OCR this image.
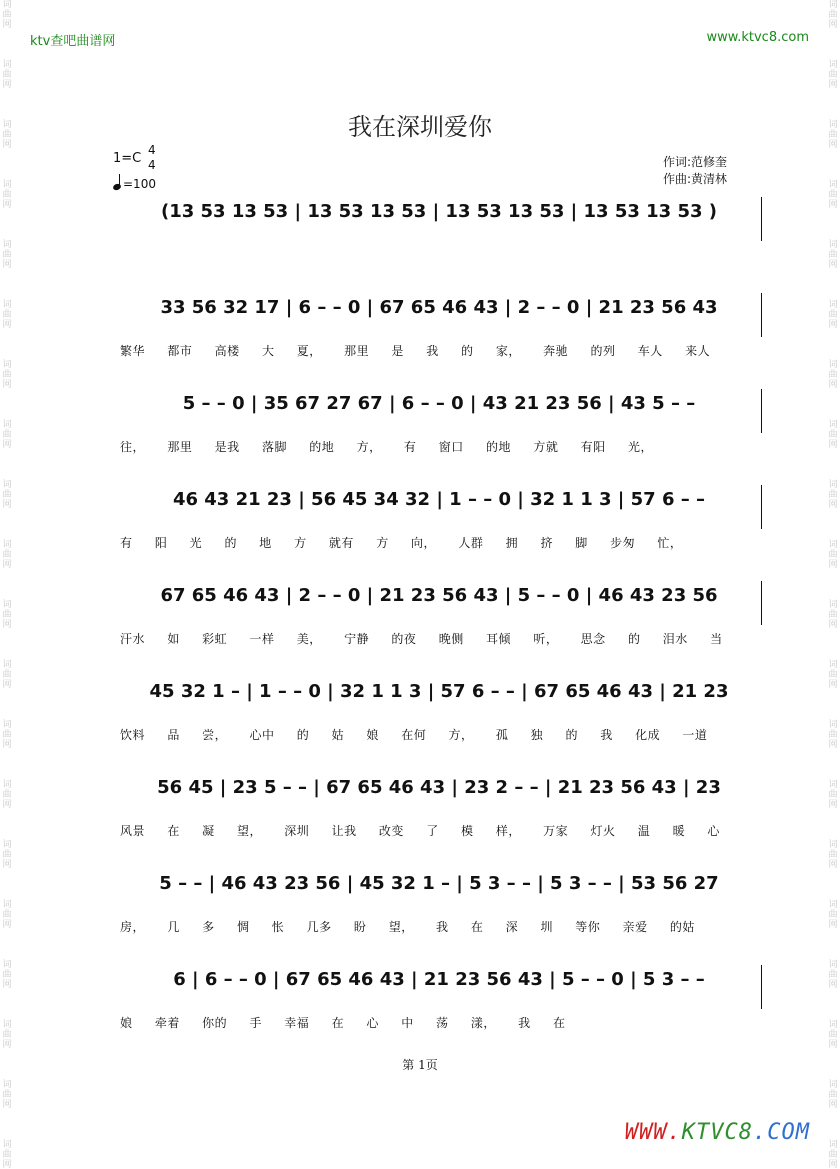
词曲网
词曲网
词曲网
词曲网
词曲网
词曲网
词曲网
词曲网
词曲网
词曲网
词曲网
词曲网
词曲网
词曲网
词曲网
词曲网
词曲网
词曲网
词曲网
词曲网
词曲网
词曲网
词曲网
词曲网
词曲网
词曲网
词曲网
词曲网
词曲网
词曲网
词曲网
词曲网
词曲网
词曲网
词曲网
词曲网
词曲网
词曲网
词曲网
词曲网
ktv查吧曲谱网	www.ktvc8.com
我在深圳爱你
1=C
4
4
=100
作词:范修奎
作曲:黄清林
(13 53 13 53 | 13 53 13 53 | 13 53 13 53 | 13 53 13 53 )
33 56 32 17 | 6 – – 0 | 67 65 46 43 | 2 – – 0 | 21 23 56 43
繁华 都市 高楼 大 夏， 那里 是 我 的 家， 奔驰 的列 车人 来人
5 – – 0 | 35 67 27 67 | 6 – – 0 | 43 21 23 56 | 43 5 – –
往， 那里 是我 落脚 的地 方， 有 窗口 的地 方就 有阳 光，
46 43 21 23 | 56 45 34 32 | 1 – – 0 | 32 1 1 3 | 57 6 – –
有 阳 光 的 地 方 就有 方 向， 人群 拥 挤 脚 步匆 忙，
67 65 46 43 | 2 – – 0 | 21 23 56 43 | 5 – – 0 | 46 43 23 56
汗水 如 彩虹 一样 美， 宁静 的夜 晚侧 耳倾 听， 思念 的 泪水 当
45 32 1 – | 1 – – 0 | 32 1 1 3 | 57 6 – – | 67 65 46 43 | 21 23
饮料 品 尝， 心中 的 姑 娘 在何 方， 孤 独 的 我 化成 一道
56 45 | 23 5 – – | 67 65 46 43 | 23 2 – – | 21 23 56 43 | 23
风景 在 凝 望， 深圳 让我 改变 了 模 样， 万家 灯火 温 暖 心
5 – – | 46 43 23 56 | 45 32 1 – | 5 3 – – | 5 3 – – | 53 56 27
房， 几 多 惆 怅 几多 盼 望， 我 在 深 圳 等你 亲爱 的姑
6 | 6 – – 0 | 67 65 46 43 | 21 23 56 43 | 5 – – 0 | 5 3 – –
娘 牵着 你的 手 幸福 在 心 中 荡 漾， 我 在
第 1页
WWW.KTVC8.COM
